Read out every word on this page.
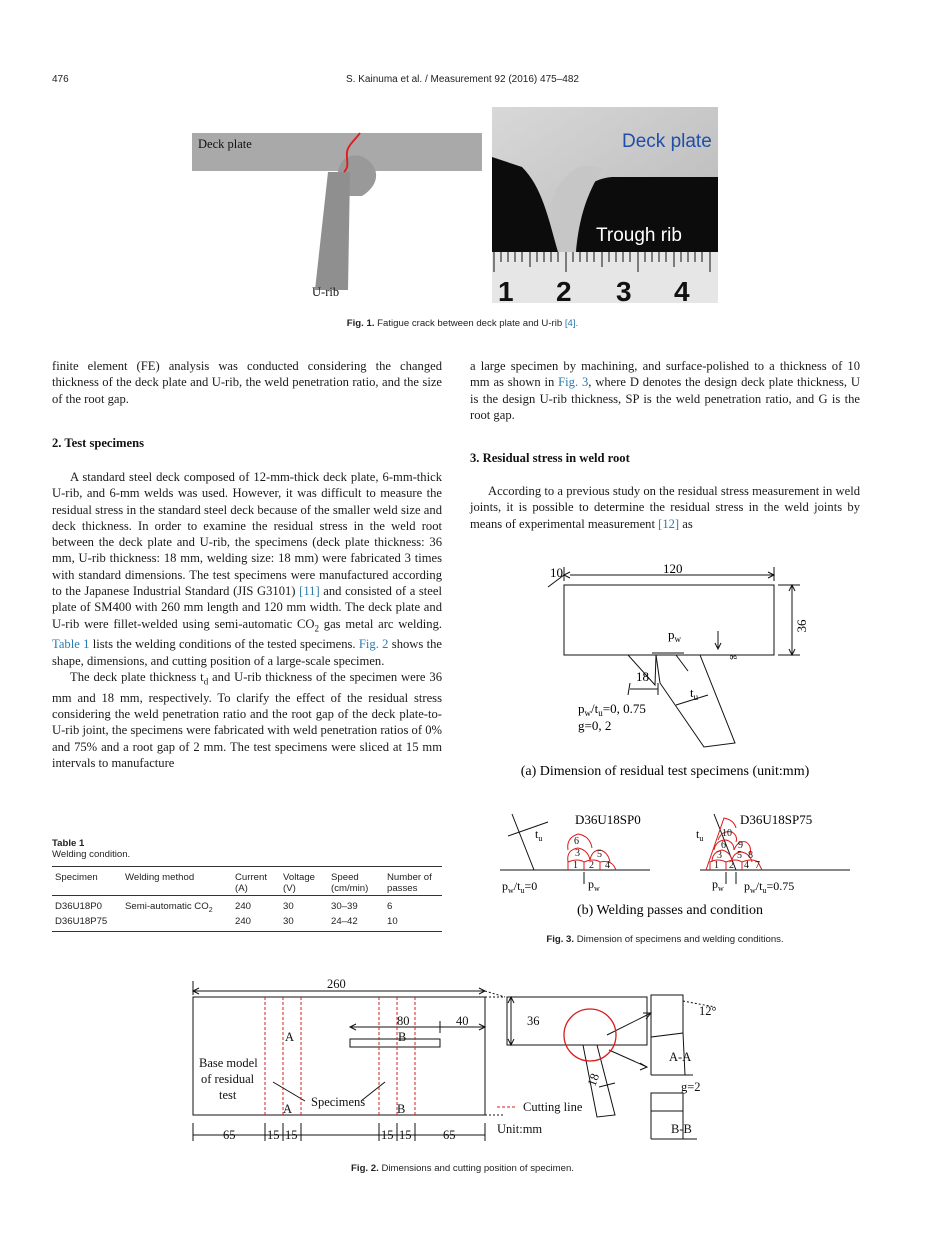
476	S. Kainuma et al. / Measurement 92 (2016) 475–482
Deck plate
U-rib
Deck plate
Trough rib
1 2 3 4
Fig. 1. Fatigue crack between deck plate and U-rib [4].

finite element (FE) analysis was conducted considering the changed thickness of the deck plate and U-rib, the weld penetration ratio, and the size of the root gap.

2. Test specimens

A standard steel deck composed of 12-mm-thick deck plate, 6-mm-thick U-rib, and 6-mm welds was used. However, it was difficult to measure the residual stress in the standard steel deck because of the smaller weld size and deck thickness. In order to examine the residual stress in the weld root between the deck plate and U-rib, the specimens (deck plate thickness: 36 mm, U-rib thickness: 18 mm, welding size: 18 mm) were fabricated 3 times with standard dimensions. The test specimens were manufactured according to the Japanese Industrial Standard (JIS G3101) [11] and consisted of a steel plate of SM400 with 260 mm length and 120 mm width. The deck plate and U-rib were fillet-welded using semi-automatic $CO_2$ gas metal arc welding. Table 1 lists the welding conditions of the tested specimens. Fig. 2 shows the shape, dimensions, and cutting position of a large-scale specimen.

The deck plate thickness $t_d$ and U-rib thickness of the specimen were 36 mm and 18 mm, respectively. To clarify the effect of the residual stress considering the weld penetration ratio and the root gap of the deck plate-to-U-rib joint, the specimens were fabricated with weld penetration ratios of 0% and 75% and a root gap of 2 mm. The test specimens were sliced at 15 mm intervals to manufacture

Table 1
Welding condition.
Specimen	Welding method	Current (A)	Voltage (V)	Speed (cm/min)	Number of passes
D36U18P0	Semi-automatic $CO_2$	240	30	30–39	6
D36U18P75		240	30	24–42	10

a large specimen by machining, and surface-polished to a thickness of 10 mm as shown in Fig. 3, where D denotes the design deck plate thickness, U is the design U-rib thickness, SP is the weld penetration ratio, and G is the root gap.

3. Residual stress in weld root

According to a previous study on the residual stress measurement in weld joints, it is possible to determine the residual stress in the weld joints by means of experimental measurement [12] as

10	120
36
18
$p_w$
g
$t_u$
$p_w/t_u=0$, 0.75
g=0, 2
(a) Dimension of residual test specimens (unit:mm)
D36U18SP0	D36U18SP75
$t_u$	$t_u$
1 2
3
4
5
6
1 2
3
4
5
6
7
8
9
10
$p_w/t_u=0$	$p_w$	$p_w$ $p_w/t_u=0.75$
(b) Welding passes and condition
Fig. 3. Dimension of specimens and welding conditions.
260
80	40	36
18
A	B
A	B
Base model
of residual
test	Specimens
65	15 15	15 15	65
Cutting line
Unit:mm
12°
A-A
g=2
B-B
Fig. 2. Dimensions and cutting position of specimen.
